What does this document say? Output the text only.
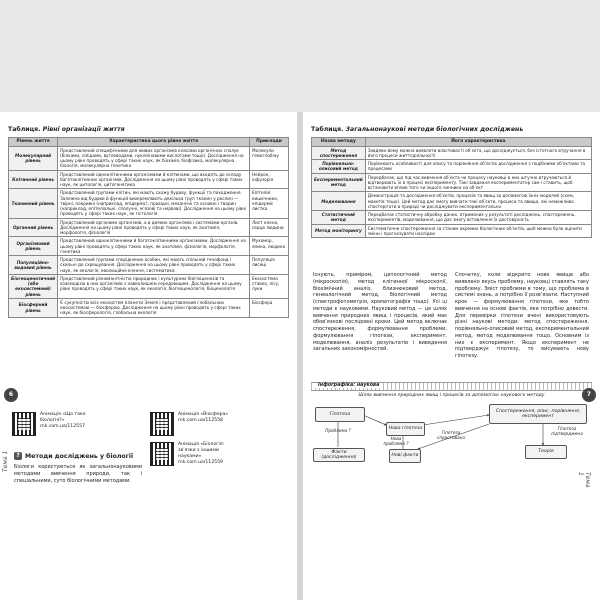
Таблиця. Рівні організації життя
Рівень життя	Характеристика цього рівня життя	Приклади
Молекулярний рівень	Представлений специфічними для живих організмів класами органічних сполук (білками, ліпідами, вуглеводами, нуклеїновими кислотами тощо). Дослідження на цьому рівні проводять у сфері таких наук, як біохімія, біофізика, молекулярна біологія, молекулярна генетика	Молекули гемоглобіну
Клітинний рівень	Представлений одноклітинними організмами й клітинами, що входять до складу багатоклітинних організмів. Дослідження на цьому рівні проводять у сфері таких наук, як цитологія, цитогенетика	Нейрон, інфузорія
Тканинний рівень	Представлений групами клітин, які мають схожу будову, функції та походження. Залежно від будови й функцій виокремлюють декілька груп тканин у рослин — твірні, покривні (наприклад, епідерміс), провідні, механічні та основні і тварин (наприклад, епітеліальні, сполучні, м’язові та нервові). Дослідження на цьому рівні проводять у сфері таких наук, як гістологія	Епітелій кишечника, епідерміс листка
Органний рівень	Представлений органами організмів, а в деяких організмів і системами органів. Дослідження на цьому рівні проводять у сфері таких наук, як анатомія, морфологія, фізіологія	Лист клена, серце людини
Організмовий рівень	Представлений одноклітинними й багатоклітинними організмами. Дослідження на цьому рівні проводять у сфері таких наук, як анатомія, фізіологія, морфологія, генетика	Мухомор, ялина, людина
Популяційно-видовий рівень	Представлений групами споріднених особин, які мають спільний генофонд і схильні до схрещування. Дослідження на цьому рівні проводять у сфері таких наук, як екологія, еволюційне вчення, систематика	Популяція лисиці
Біогеоценотичний (або екосистемний) рівень	Представлений різноманітністю природних і культурних біогеоценозів та взаємодією в них організмів з навколишнім середовищем. Дослідження на цьому рівні проводять у сфері таких наук, як екологія, біогеоценологія, біоценологія	Екосистема ставка, лісу, луки
Біосферний рівень	Є сукупністю всіх екосистем планети Земля і представлений глобальною екосистемою — біосферою. Дослідження на цьому рівні проводять у сфері таких наук, як біосферологія, глобальна екологія	Біосфера
Анімація «Що таке біологія?»
rnk.com.ua/112557
Анімація «Віосфера»
rnk.com.ua/112558
Анімація «Біологія: зв’язки з іншими науками»
rnk.com.ua/112559
? Методи досліджень у біології
Біологи користуються як загальнонауковими методами вивчення природи, так і спеціальними, суто біологічними методами.
Тема 1
6
Таблиця. Загальнонаукові методи біологічних досліджень
Назва методу	Його характеристика
Метод спостереження	Завдяки йому можна виявляти властивості об’єкта, що досліджується, без істотного втручання в його процеси життєдіяльності
Порівняльно-описовий метод	Порівнюють особливості для опису та порівняння об’єктів дослідження з подібними об’єктами та процесами
Експериментальний метод	Передбачає, що під час вивчення об’єкта чи процесу науковці в них штучно втручаються й відтворюють їх в процесі експерименту. Такі завдання експериментатор сам і ставить, щоб встановити вплив того чи іншого чинника на об’єкт
Моделювання	Демонстрація та дослідження об’єктів, процесів та явищ за допомогою їхніх моделей (схем, макетів тощо). Цей метод дає змогу вивчати такі об’єкти, процеси та явища, які неможливо спостерігати в природі чи досліджувати експериментально
Статистичний метод	Передбачає статистичну обробку даних, отриманих у результаті досліджень, спостережень, експериментів, моделювання, що дає змогу вставлення їх достовірність
Метод моніторингу	Систематичне спостереження за станом окремих біологічних об’єктів, щоб можна було оцінити зміни і прогнозувати наслідки
Існують, приміром, цитологічний метод (мікроскопія), метод клітинної мікроскопії, біохімічний аналіз, близнюковий метод, генеалогічний метод, біологічний метод (спектрофотометрія, хроматографія тощо). Усі ці методи є науковими. Науковий метод — це шлях вивчення природних явищ і процесів, який має обов’язкові послідовні кроки. Цей метод включає спостереження, формулювання проблеми, формулювання гіпотези, експеримент, моделювання, аналіз результатів і виведення загальних закономірностей.
Спочатку, коли відкрито нове явище або виявлено якусь проблему, науковці ставлять таку проблему. Зміст проблеми в тому, що проблема в системі знань, а потрібно її розв’язати. Наступний крок — формулювання гіпотези, яке тобто вивчення на основі фактів, яке потрібно довести. Для перевірки гіпотези вчені використовують різні наукові методи: метод спостереження, порівняльно-описовий метод, експериментальний метод, метод моделювання тощо. Основним із них є експеримент. Якщо експеримент не підтверджує гіпотезу, то висувають нову гіпотезу.
Інфографіка: наукова
Шлях вивчення природних явищ і процесів за допомогою наукового методу
Гіпотеза
Нова гіпотеза
Спостереження, опис, порівняння, експеримент
Факти (дослідження)	Нові факти
Теорія
Проблема ?
Нова проблема ?
Гіпотеза спростована
Гіпотеза підтверджена
Тема 1
7
